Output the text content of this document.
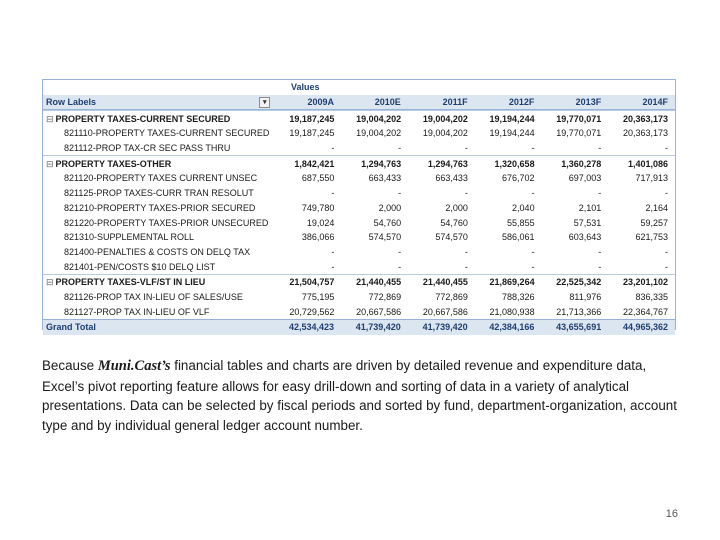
Values
Row Labels	▾	2009A	2010E	2011F	2012F	2013F	2014F
⊟ PROPERTY TAXES-CURRENT SECURED	19,187,245	19,004,202	19,004,202	19,194,244	19,770,071	20,363,173
821110-PROPERTY TAXES-CURRENT SECURED	19,187,245	19,004,202	19,004,202	19,194,244	19,770,071	20,363,173
821112-PROP TAX-CR SEC PASS THRU	-	-	-	-	-	-
⊟ PROPERTY TAXES-OTHER	1,842,421	1,294,763	1,294,763	1,320,658	1,360,278	1,401,086
821120-PROPERTY TAXES CURRENT UNSEC	687,550	663,433	663,433	676,702	697,003	717,913
821125-PROP TAXES-CURR TRAN RESOLUT	-	-	-	-	-	-
821210-PROPERTY TAXES-PRIOR SECURED	749,780	2,000	2,000	2,040	2,101	2,164
821220-PROPERTY TAXES-PRIOR UNSECURED	19,024	54,760	54,760	55,855	57,531	59,257
821310-SUPPLEMENTAL ROLL	386,066	574,570	574,570	586,061	603,643	621,753
821400-PENALTIES & COSTS ON DELQ TAX	-	-	-	-	-	-
821401-PEN/COSTS $10 DELQ LIST	-	-	-	-	-	-
⊟ PROPERTY TAXES-VLF/ST IN LIEU	21,504,757	21,440,455	21,440,455	21,869,264	22,525,342	23,201,102
821126-PROP TAX IN-LIEU OF SALES/USE	775,195	772,869	772,869	788,326	811,976	836,335
821127-PROP TAX IN-LIEU OF VLF	20,729,562	20,667,586	20,667,586	21,080,938	21,713,366	22,364,767
Grand Total	42,534,423	41,739,420	41,739,420	42,384,166	43,655,691	44,965,362
Because Muni.Cast’s financial tables and charts are driven by detailed revenue and expenditure data, Excel’s pivot reporting feature allows for easy drill-down and sorting of data in a variety of analytical presentations. Data can be selected by fiscal periods and sorted by fund, department-organization, account type and by individual general ledger account number.
16
